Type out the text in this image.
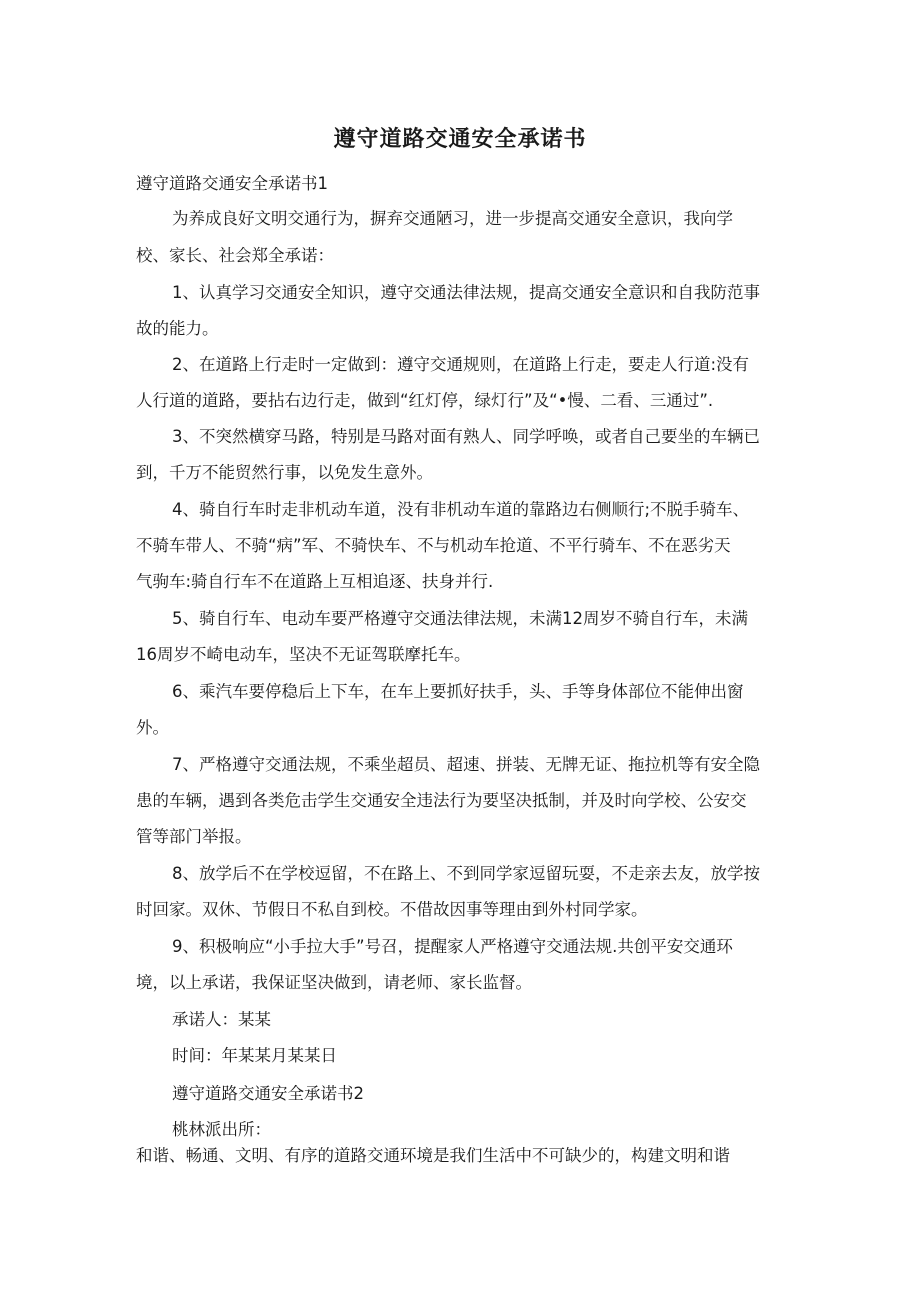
遵守道路交通安全承诺书
遵守道路交通安全承诺书1
为养成良好文明交通行为，摒弃交通陋习，进一步提高交通安全意识，我向学
校、家长、社会郑全承诺：
1、认真学习交通安全知识，遵守交通法律法规，提高交通安全意识和自我防范事
故的能力。
2、在道路上行走时一定做到：遵守交通规则，在道路上行走，要走人行道:没有
人行道的道路，要拈右边行走，做到“红灯停，绿灯行”及“•慢、二看、三通过”.
3、不突然横穿马路，特别是马路对面有熟人、同学呼唤，或者自己要坐的车辆已
到，千万不能贸然行事，以免发生意外。
4、骑自行车时走非机动车道，没有非机动车道的靠路边右侧顺行;不脱手骑车、
不骑车带人、不骑“病”军、不骑快车、不与机动车抢道、不平行骑车、不在恶劣天
气驹车:骑自行车不在道路上互相追逐、扶身并行.
5、骑自行车、电动车要严格遵守交通法律法规，未满12周岁不骑自行车，未满
16周岁不崎电动车，坚决不无证驾联摩托车。
6、乘汽车要停稳后上下车，在车上要抓好扶手，头、手等身体部位不能伸出窗
外。
7、严格遵守交通法规，不乘坐超员、超速、拼装、无牌无证、拖拉机等有安全隐
患的车辆，遇到各类危击学生交通安全违法行为要坚决抵制，并及时向学校、公安交
管等部门举报。
8、放学后不在学校逗留，不在路上、不到同学家逗留玩耍，不走亲去友，放学按
时回家。双休、节假日不私自到校。不借故因事等理由到外村同学家。
9、积极响应“小手拉大手”号召，提醒家人严格遵守交通法规.共创平安交通环
境，以上承诺，我保证坚决做到，请老师、家长监督。
承诺人：某某
时间：年某某月某某日
遵守道路交通安全承诺书2
桃林派出所：
和谐、畅通、文明、有序的道路交通环境是我们生活中不可缺少的，构建文明和谐
